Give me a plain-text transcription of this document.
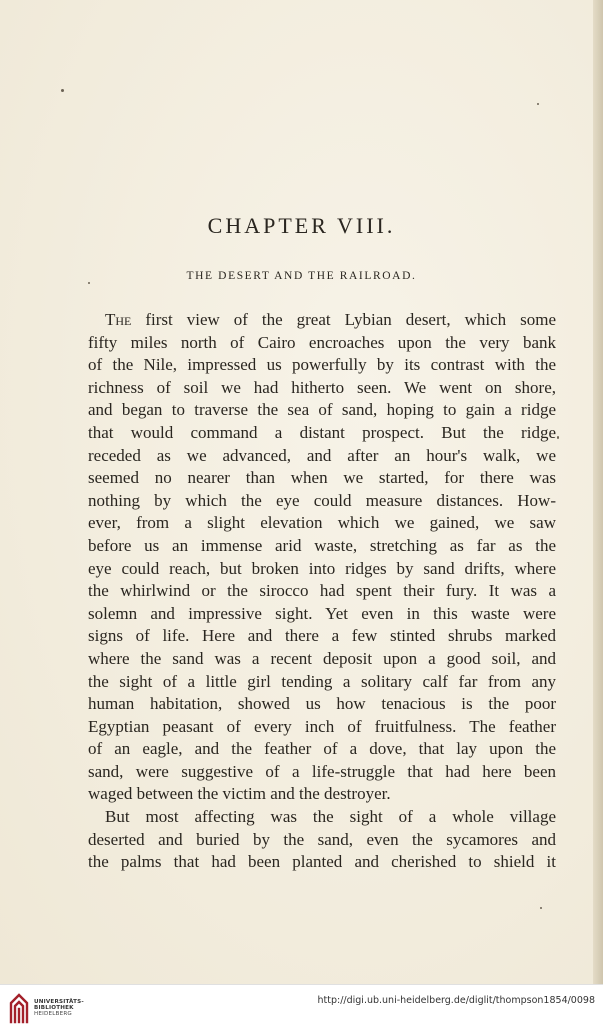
CHAPTER VIII.
THE DESERT AND THE RAILROAD.
The first view of the great Lybian desert, which some
fifty miles north of Cairo encroaches upon the very bank
of the Nile, impressed us powerfully by its contrast with the
richness of soil we had hitherto seen. We went on shore,
and began to traverse the sea of sand, hoping to gain a ridge
that would command a distant prospect. But the ridge
receded as we advanced, and after an hour's walk, we
seemed no nearer than when we started, for there was
nothing by which the eye could measure distances. How-
ever, from a slight elevation which we gained, we saw
before us an immense arid waste, stretching as far as the
eye could reach, but broken into ridges by sand drifts, where
the whirlwind or the sirocco had spent their fury. It was a
solemn and impressive sight. Yet even in this waste were
signs of life. Here and there a few stinted shrubs marked
where the sand was a recent deposit upon a good soil, and
the sight of a little girl tending a solitary calf far from any
human habitation, showed us how tenacious is the poor
Egyptian peasant of every inch of fruitfulness. The feather
of an eagle, and the feather of a dove, that lay upon the
sand, were suggestive of a life-struggle that had here been
waged between the victim and the destroyer.
But most affecting was the sight of a whole village
deserted and buried by the sand, even the sycamores and
the palms that had been planted and cherished to shield it
UNIVERSITÄTS-
BIBLIOTHEK
HEIDELBERG
http://digi.ub.uni-heidelberg.de/diglit/thompson1854/0098
